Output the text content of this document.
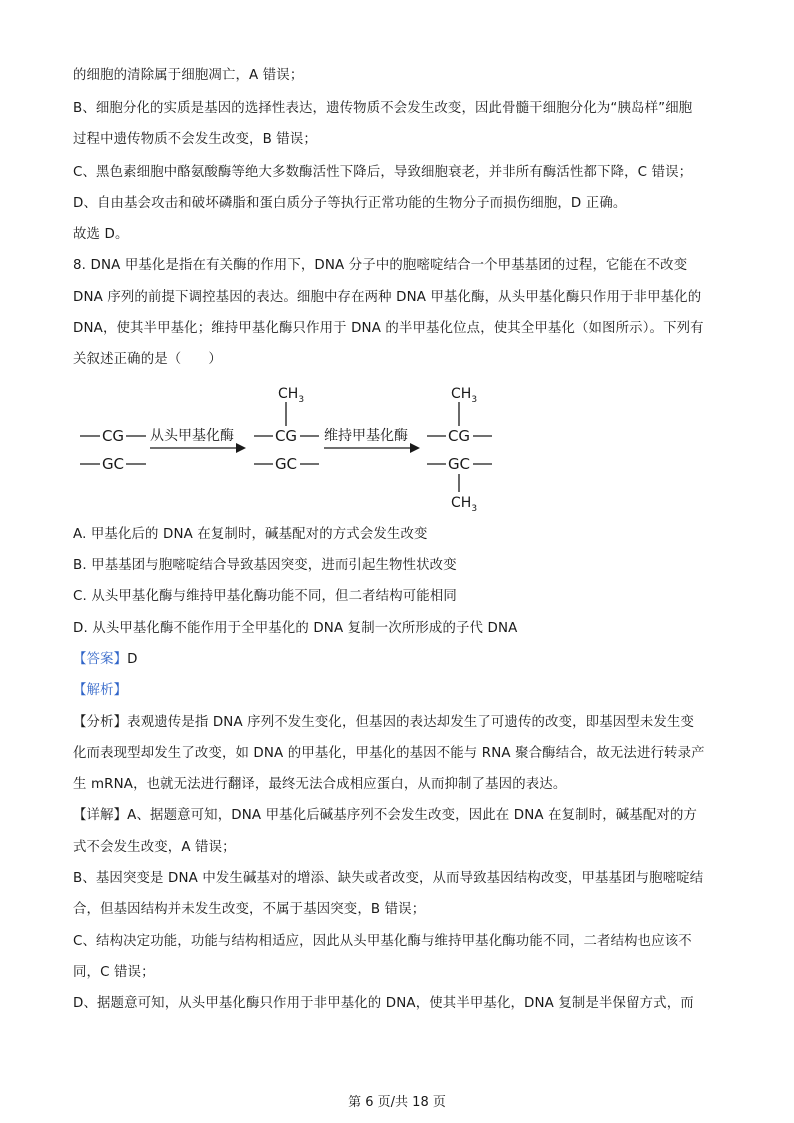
的细胞的清除属于细胞凋亡，A 错误；
B、细胞分化的实质是基因的选择性表达，遗传物质不会发生改变，因此骨髓干细胞分化为“胰岛样”细胞
过程中遗传物质不会发生改变，B 错误；
C、黑色素细胞中酪氨酸酶等绝大多数酶活性下降后，导致细胞衰老，并非所有酶活性都下降，C 错误；
D、自由基会攻击和破坏磷脂和蛋白质分子等执行正常功能的生物分子而损伤细胞，D 正确。
故选 D。
8. DNA 甲基化是指在有关酶的作用下，DNA 分子中的胞嘧啶结合一个甲基基团的过程，它能在不改变
DNA 序列的前提下调控基因的表达。细胞中存在两种 DNA 甲基化酶，从头甲基化酶只作用于非甲基化的
DNA，使其半甲基化；维持甲基化酶只作用于 DNA 的半甲基化位点，使其全甲基化（如图所示）。下列有
关叙述正确的是（　　）
CG
GC
CG
GC
CG
GC
从头甲基化酶	维持甲基化酶
$CH_3$	$CH_3$
$CH_3$
A. 甲基化后的 DNA 在复制时，碱基配对的方式会发生改变
B. 甲基基团与胞嘧啶结合导致基因突变，进而引起生物性状改变
C. 从头甲基化酶与维持甲基化酶功能不同，但二者结构可能相同
D. 从头甲基化酶不能作用于全甲基化的 DNA 复制一次所形成的子代 DNA
【答案】D
【解析】
【分析】表观遗传是指 DNA 序列不发生变化，但基因的表达却发生了可遗传的改变，即基因型未发生变
化而表现型却发生了改变，如 DNA 的甲基化，甲基化的基因不能与 RNA 聚合酶结合，故无法进行转录产
生 mRNA，也就无法进行翻译，最终无法合成相应蛋白，从而抑制了基因的表达。
【详解】A、据题意可知，DNA 甲基化后碱基序列不会发生改变，因此在 DNA 在复制时，碱基配对的方
式不会发生改变，A 错误；
B、基因突变是 DNA 中发生碱基对的增添、缺失或者改变，从而导致基因结构改变，甲基基团与胞嘧啶结
合，但基因结构并未发生改变，不属于基因突变，B 错误；
C、结构决定功能，功能与结构相适应，因此从头甲基化酶与维持甲基化酶功能不同，二者结构也应该不
同，C 错误；
D、据题意可知，从头甲基化酶只作用于非甲基化的 DNA，使其半甲基化，DNA 复制是半保留方式，而
第 6 页/共 18 页
